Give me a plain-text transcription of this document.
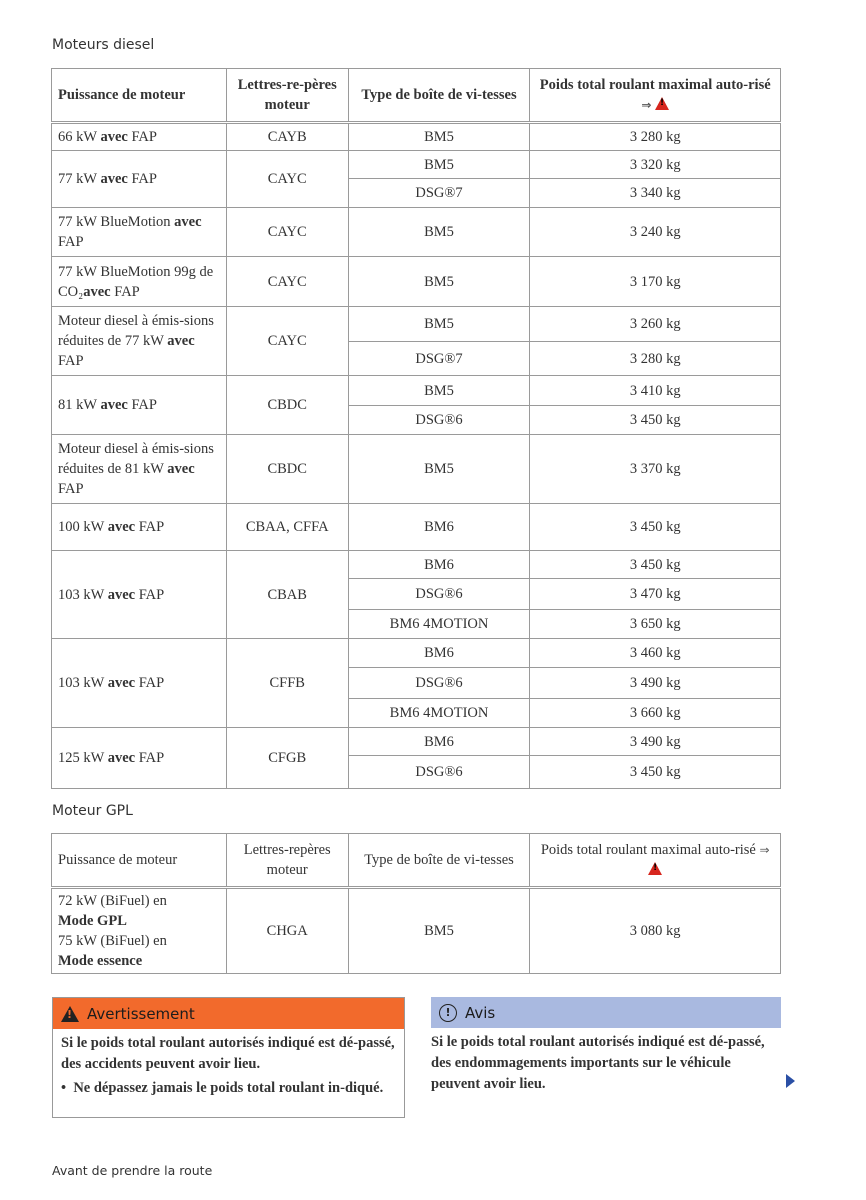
Moteurs diesel
Puissance de moteur	Lettres-re-pères moteur	Type de boîte de vi-tesses	Poids total roulant maximal auto-risé ⇒ !
66 kW avec FAP	CAYB	BM5	3 280 kg
77 kW avec FAP	CAYC	BM5	3 320 kg
		DSG®7	3 340 kg
77 kW BlueMotion avec FAP	CAYC	BM5	3 240 kg
77 kW BlueMotion 99g de CO₂avec FAP	CAYC	BM5	3 170 kg
Moteur diesel à émis-sions réduites de 77 kW avec FAP	CAYC	BM5	3 260 kg
		DSG®7	3 280 kg
81 kW avec FAP	CBDC	BM5	3 410 kg
		DSG®6	3 450 kg
Moteur diesel à émis-sions réduites de 81 kW avec FAP	CBDC	BM5	3 370 kg
100 kW avec FAP	CBAA, CFFA	BM6	3 450 kg
103 kW avec FAP	CBAB	BM6	3 450 kg
		DSG®6	3 470 kg
		BM6 4MOTION	3 650 kg
103 kW avec FAP	CFFB	BM6	3 460 kg
		DSG®6	3 490 kg
		BM6 4MOTION	3 660 kg
125 kW avec FAP	CFGB	BM6	3 490 kg
		DSG®6	3 450 kg
Moteur GPL
Puissance de moteur	Lettres-repères moteur	Type de boîte de vi-tesses	Poids total roulant maximal auto-risé ⇒ !
72 kW (BiFuel) en
Mode GPL
75 kW (BiFuel) en
Mode essence	CHGA	BM5	3 080 kg
!
Avertissement
Si le poids total roulant autorisés indiqué est dé-passé, des accidents peuvent avoir lieu.
• Ne dépassez jamais le poids total roulant in-diqué.
! Avis
Si le poids total roulant autorisés indiqué est dé-passé, des endommagements importants sur le véhicule peuvent avoir lieu.
Avant de prendre la route
